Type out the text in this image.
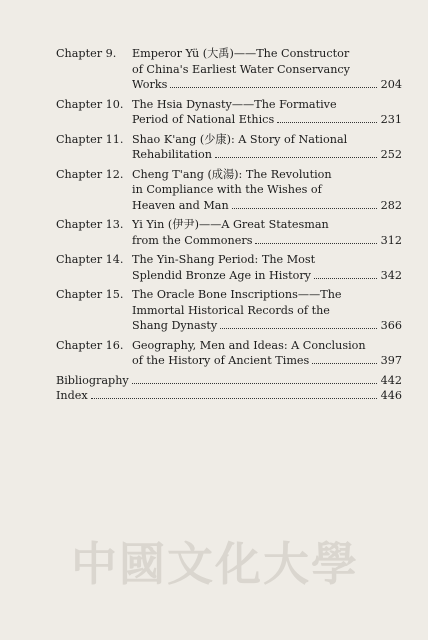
Chapter 9.	Emperor Yü (大禹)——The Constructor
of China's Earliest Water Conservancy
Works	204
Chapter 10. The Hsia Dynasty——The Formative
Period of National Ethics	231
Chapter 11. Shao K'ang (少康): A Story of National
Rehabilitation	252
Chapter 12. Cheng T'ang (成湯): The Revolution
in Compliance with the Wishes of
Heaven and Man	282
Chapter 13. Yi Yin (伊尹)——A Great Statesman
from the Commoners	312
Chapter 14. The Yin-Shang Period: The Most
Splendid Bronze Age in History	342
Chapter 15. The Oracle Bone Inscriptions——The
Immortal Historical Records of the
Shang Dynasty	366
Chapter 16. Geography, Men and Ideas: A Conclusion
of the History of Ancient Times	397
Bibliography	442
Index	446
中國文化大學
